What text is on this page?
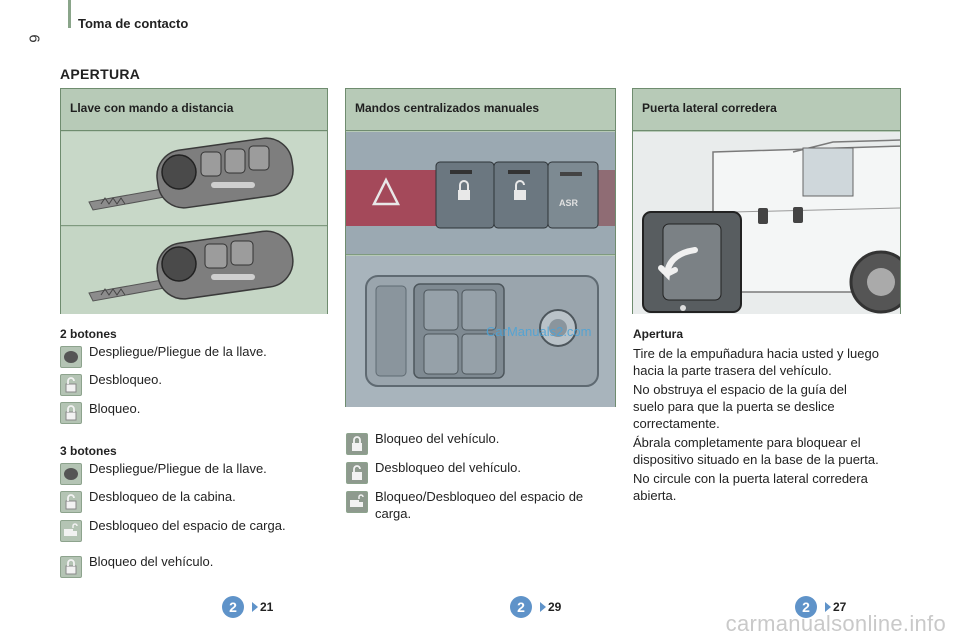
6
Toma de contacto
APERTURA
Llave con mando a distancia	Mandos centralizados manuales
ASR
Puerta lateral corredera
CarManuals2.com
2 botones
Despliegue/Pliegue de la llave.
Desbloqueo.
Bloqueo.
3 botones
Despliegue/Pliegue de la llave.
Desbloqueo de la cabina.
Desbloqueo del espacio de carga.
Bloqueo del vehículo.
Bloqueo del vehículo.
Desbloqueo del vehículo.
Bloqueo/Desbloqueo del espacio de
carga.
Apertura
Tire de la empuñadura hacia usted y luego
hacia la parte trasera del vehículo.
No obstruya el espacio de la guía del
suelo para que la puerta se deslice
correctamente.
Ábrala completamente para bloquear el
dispositivo situado en la base de la puerta.
No circule con la puerta lateral corredera
abierta.
2	21	2	29	2	27
carmanualsonline.info
